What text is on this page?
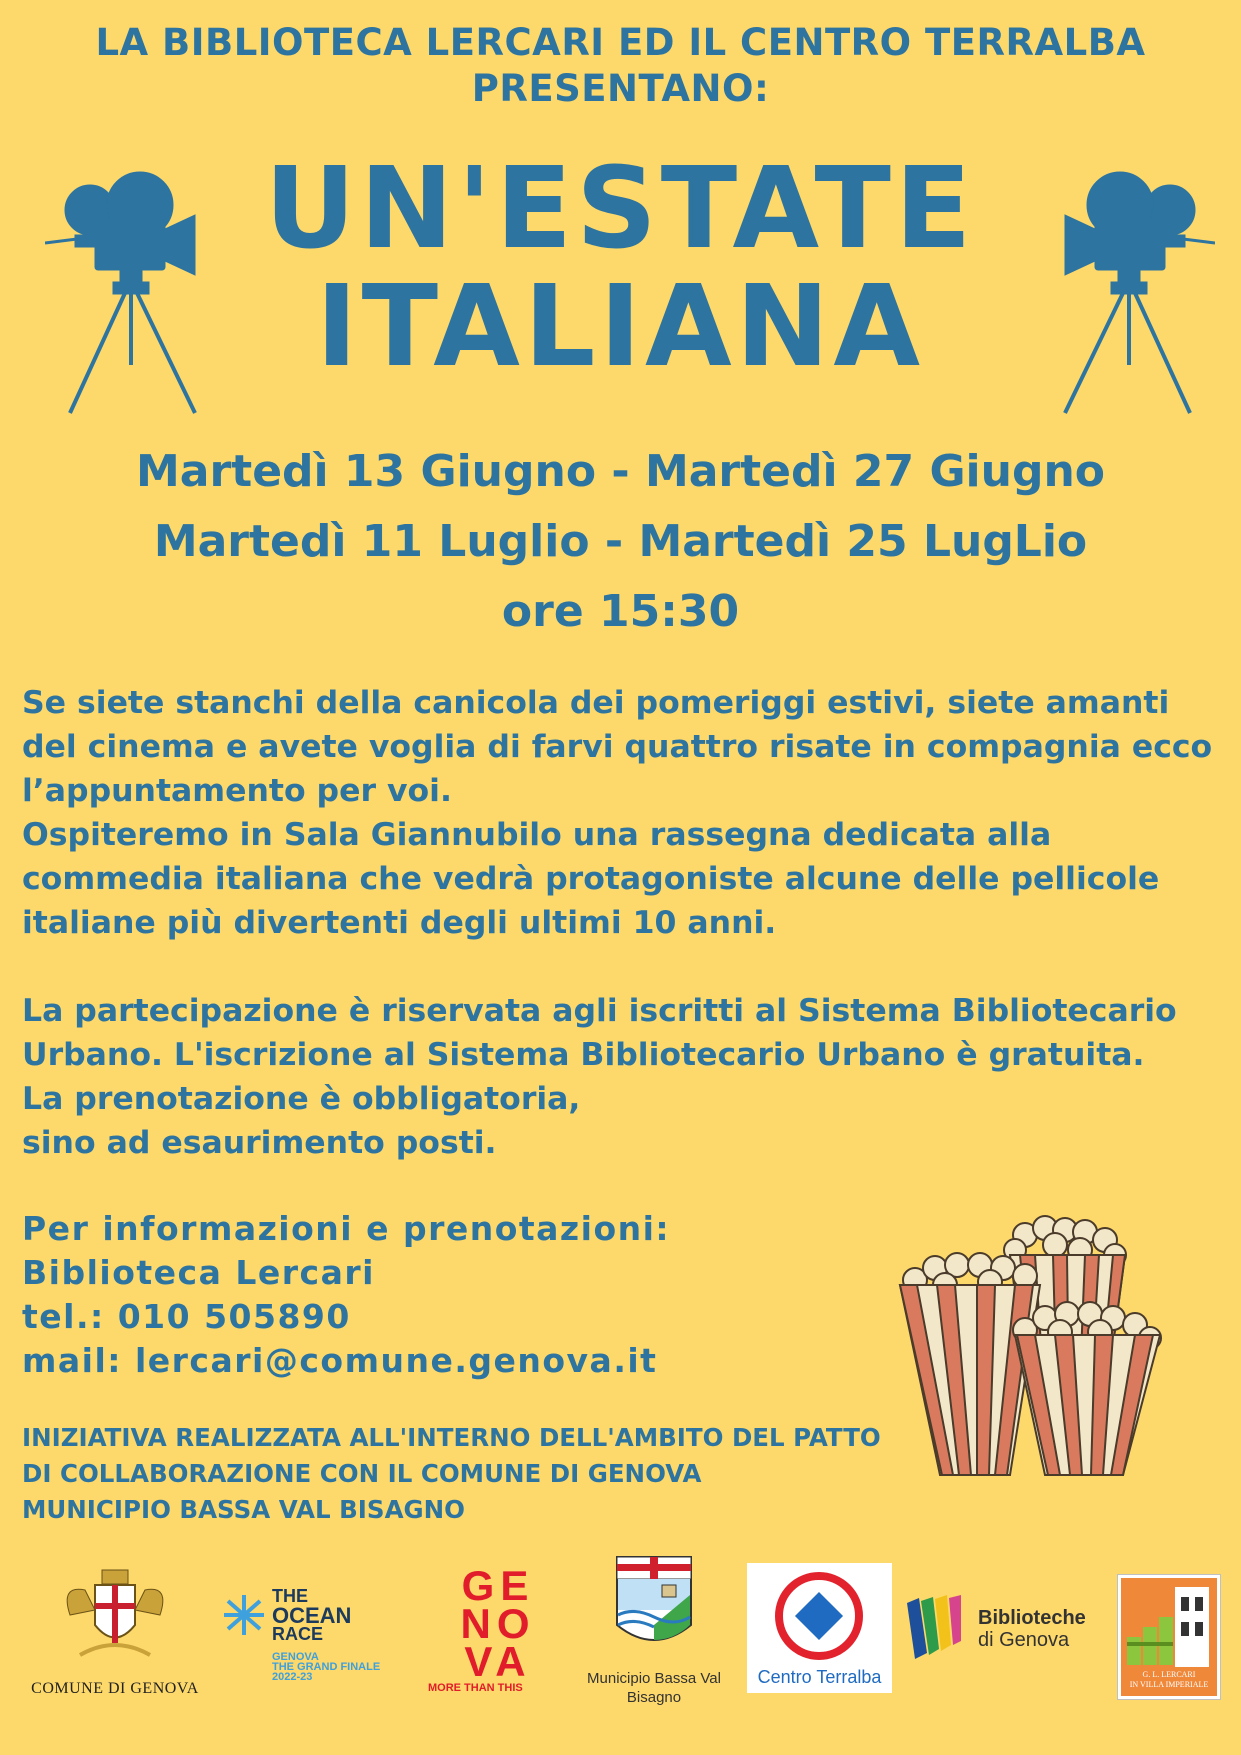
LA BIBLIOTECA LERCARI ED IL CENTRO TERRALBA
PRESENTANO:
UN'ESTATE
ITALIANA
Martedì 13 Giugno - Martedì 27 Giugno
Martedì 11 Luglio - Martedì 25 LugLio
ore 15:30

Se siete stanchi della canicola dei pomeriggi estivi, siete amanti del cinema e avete voglia di farvi quattro risate in compagnia ecco l’appuntamento per voi.

Ospiteremo in Sala Giannubilo una rassegna dedicata alla commedia italiana che vedrà protagoniste alcune delle pellicole italiane più divertenti degli ultimi 10 anni.

La partecipazione è riservata agli iscritti al Sistema Bibliotecario Urbano. L'iscrizione al Sistema Bibliotecario Urbano è gratuita.

La prenotazione è obbligatoria,

sino ad esaurimento posti.

Per informazioni e prenotazioni:
Biblioteca Lercari
tel.: 010 505890
mail: lercari@comune.genova.it
INIZIATIVA REALIZZATA ALL'INTERNO DELL'AMBITO DEL PATTO
DI COLLABORAZIONE CON IL COMUNE DI GENOVA
MUNICIPIO BASSA VAL BISAGNO
COMUNE DI GENOVA
THE
OCEAN
RACE
GENOVA
THE GRAND FINALE
2022-23
GE
NO
VA
MORE THAN THIS
Municipio Bassa Val
Bisagno
Centro Terralba
Biblioteche
di Genova
G. L. LERCARI
IN VILLA IMPERIALE
